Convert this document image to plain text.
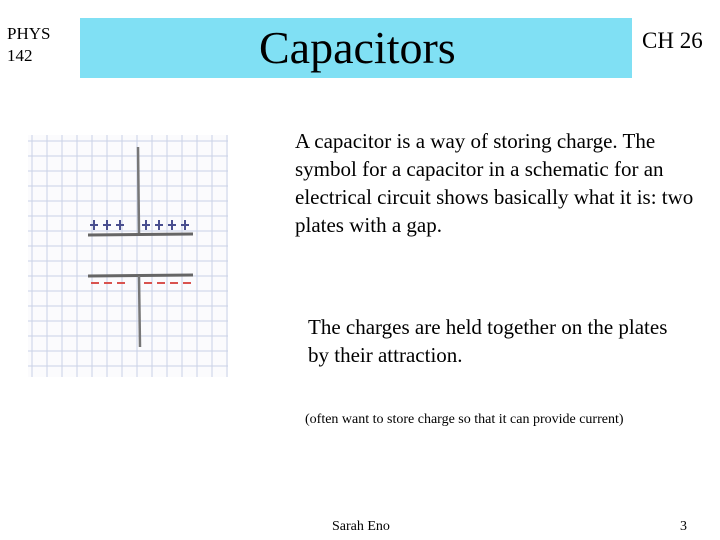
PHYS
142	Capacitors	CH 26
A capacitor is a way of storing charge. The symbol for a capacitor in a schematic for an electrical circuit shows basically what it is: two plates with a gap.
The charges are held together on the plates by their attraction.
(often want to store charge so that it can provide current)
Sarah Eno	3
